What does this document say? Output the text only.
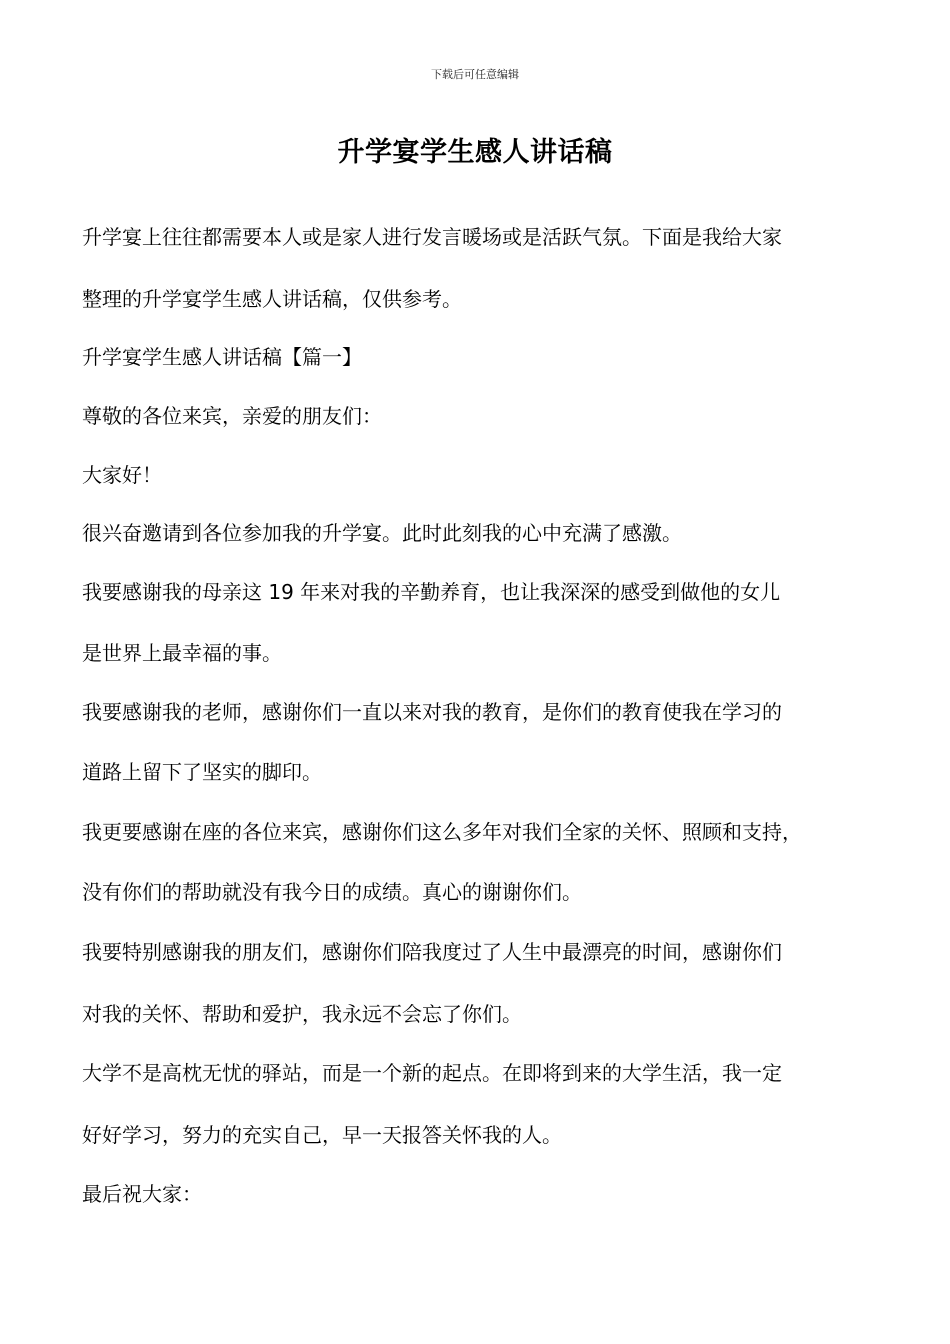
下载后可任意编辑
升学宴学生感人讲话稿
升学宴上往往都需要本人或是家人进行发言暖场或是活跃气氛。下面是我给大家
整理的升学宴学生感人讲话稿，仅供参考。
升学宴学生感人讲话稿【篇一】
尊敬的各位来宾，亲爱的朋友们：
大家好！
很兴奋邀请到各位参加我的升学宴。此时此刻我的心中充满了感激。
我要感谢我的母亲这 19 年来对我的辛勤养育，也让我深深的感受到做他的女儿
是世界上最幸福的事。
我要感谢我的老师，感谢你们一直以来对我的教育，是你们的教育使我在学习的
道路上留下了坚实的脚印。
我更要感谢在座的各位来宾，感谢你们这么多年对我们全家的关怀、照顾和支持，
没有你们的帮助就没有我今日的成绩。真心的谢谢你们。
我要特别感谢我的朋友们，感谢你们陪我度过了人生中最漂亮的时间，感谢你们
对我的关怀、帮助和爱护，我永远不会忘了你们。
大学不是高枕无忧的驿站，而是一个新的起点。在即将到来的大学生活，我一定
好好学习，努力的充实自己，早一天报答关怀我的人。
最后祝大家：
